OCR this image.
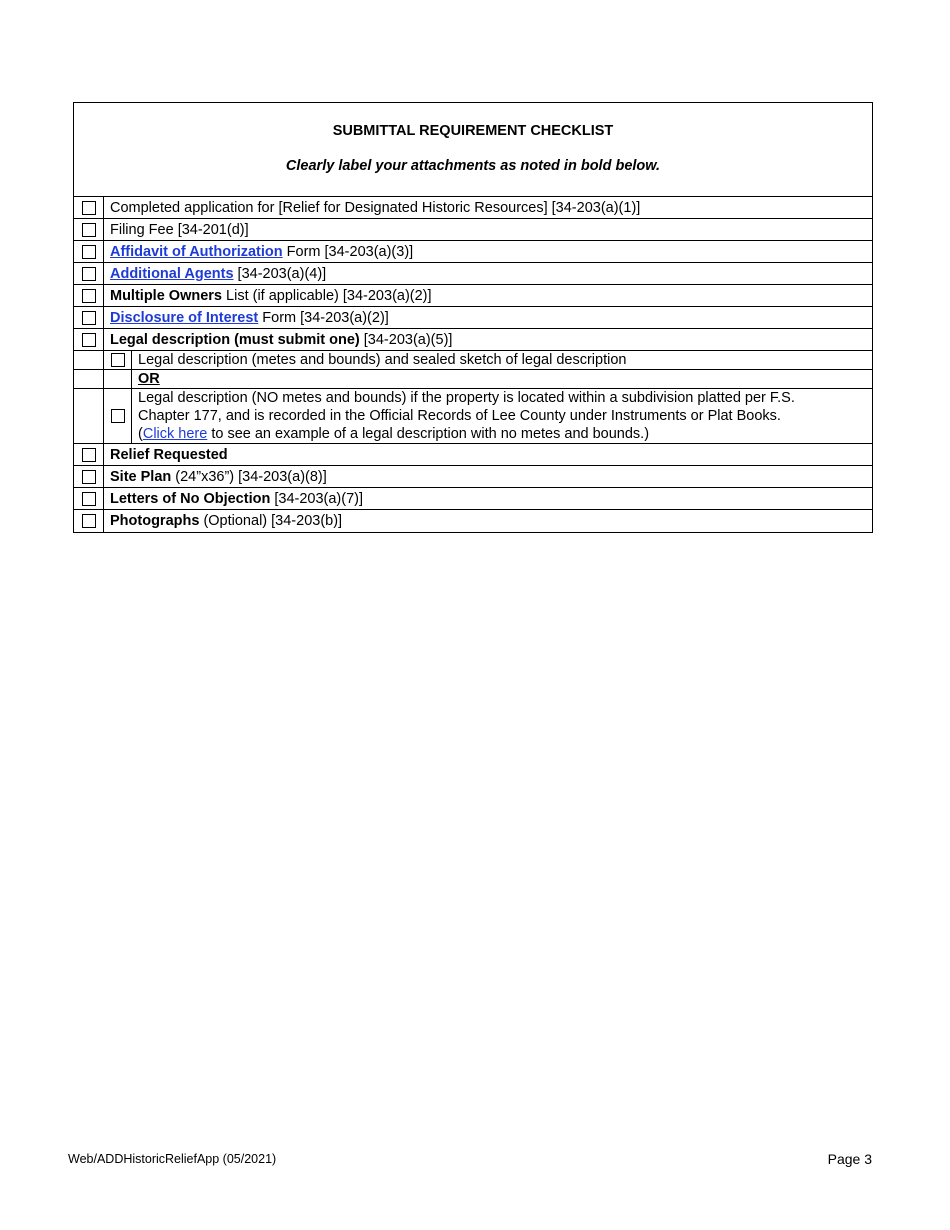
SUBMITTAL REQUIREMENT CHECKLIST
Clearly label your attachments as noted in bold below.
Completed application for [Relief for Designated Historic Resources] [34-203(a)(1)]
Filing Fee [34-201(d)]
Affidavit of Authorization Form [34-203(a)(3)]
Additional Agents [34-203(a)(4)]
Multiple Owners List (if applicable) [34-203(a)(2)]
Disclosure of Interest Form [34-203(a)(2)]
Legal description (must submit one) [34-203(a)(5)]
Legal description (metes and bounds) and sealed sketch of legal description
OR
Legal description (NO metes and bounds) if the property is located within a subdivision platted per F.S.
Chapter 177, and is recorded in the Official Records of Lee County under Instruments or Plat Books.
(Click here to see an example of a legal description with no metes and bounds.)
Relief Requested
Site Plan (24”x36”) [34-203(a)(8)]
Letters of No Objection [34-203(a)(7)]
Photographs (Optional) [34-203(b)]
Web/ADDHistoricReliefApp (05/2021)	Page 3
